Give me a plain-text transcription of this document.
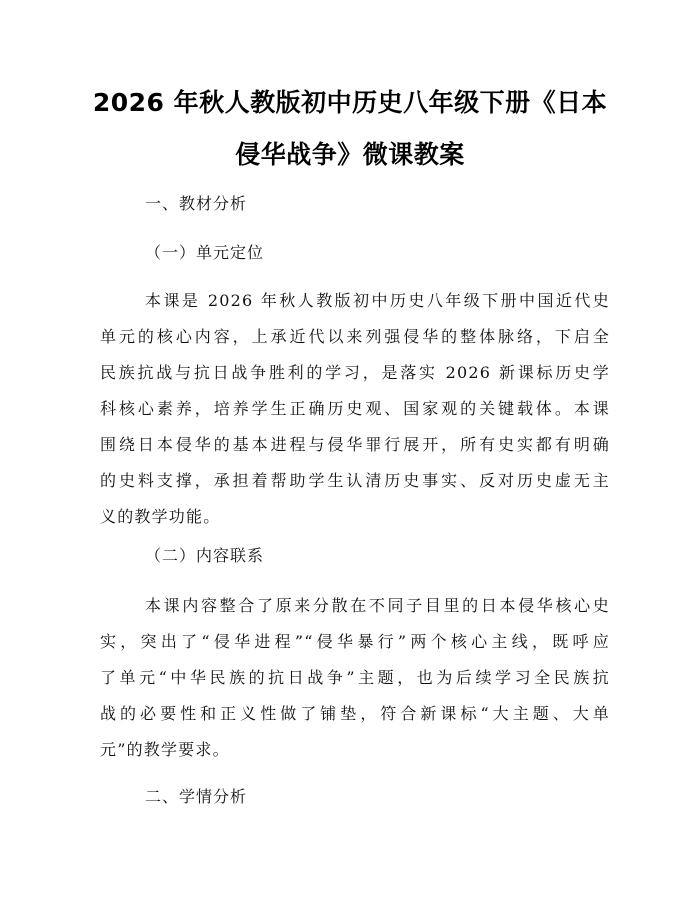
2026 年秋人教版初中历史八年级下册《日本
侵华战争》微课教案
一、教材分析
（一）单元定位
本课是 2026 年秋人教版初中历史八年级下册中国近代史
单元的核心内容，上承近代以来列强侵华的整体脉络，下启全
民族抗战与抗日战争胜利的学习，是落实 2026 新课标历史学
科核心素养，培养学生正确历史观、国家观的关键载体。本课
围绕日本侵华的基本进程与侵华罪行展开，所有史实都有明确
的史料支撑，承担着帮助学生认清历史事实、反对历史虚无主
义的教学功能。
（二）内容联系
本课内容整合了原来分散在不同子目里的日本侵华核心史
实，突出了“侵华进程”“侵华暴行”两个核心主线，既呼应
了单元“中华民族的抗日战争”主题，也为后续学习全民族抗
战的必要性和正义性做了铺垫，符合新课标“大主题、大单
元”的教学要求。
二、学情分析
